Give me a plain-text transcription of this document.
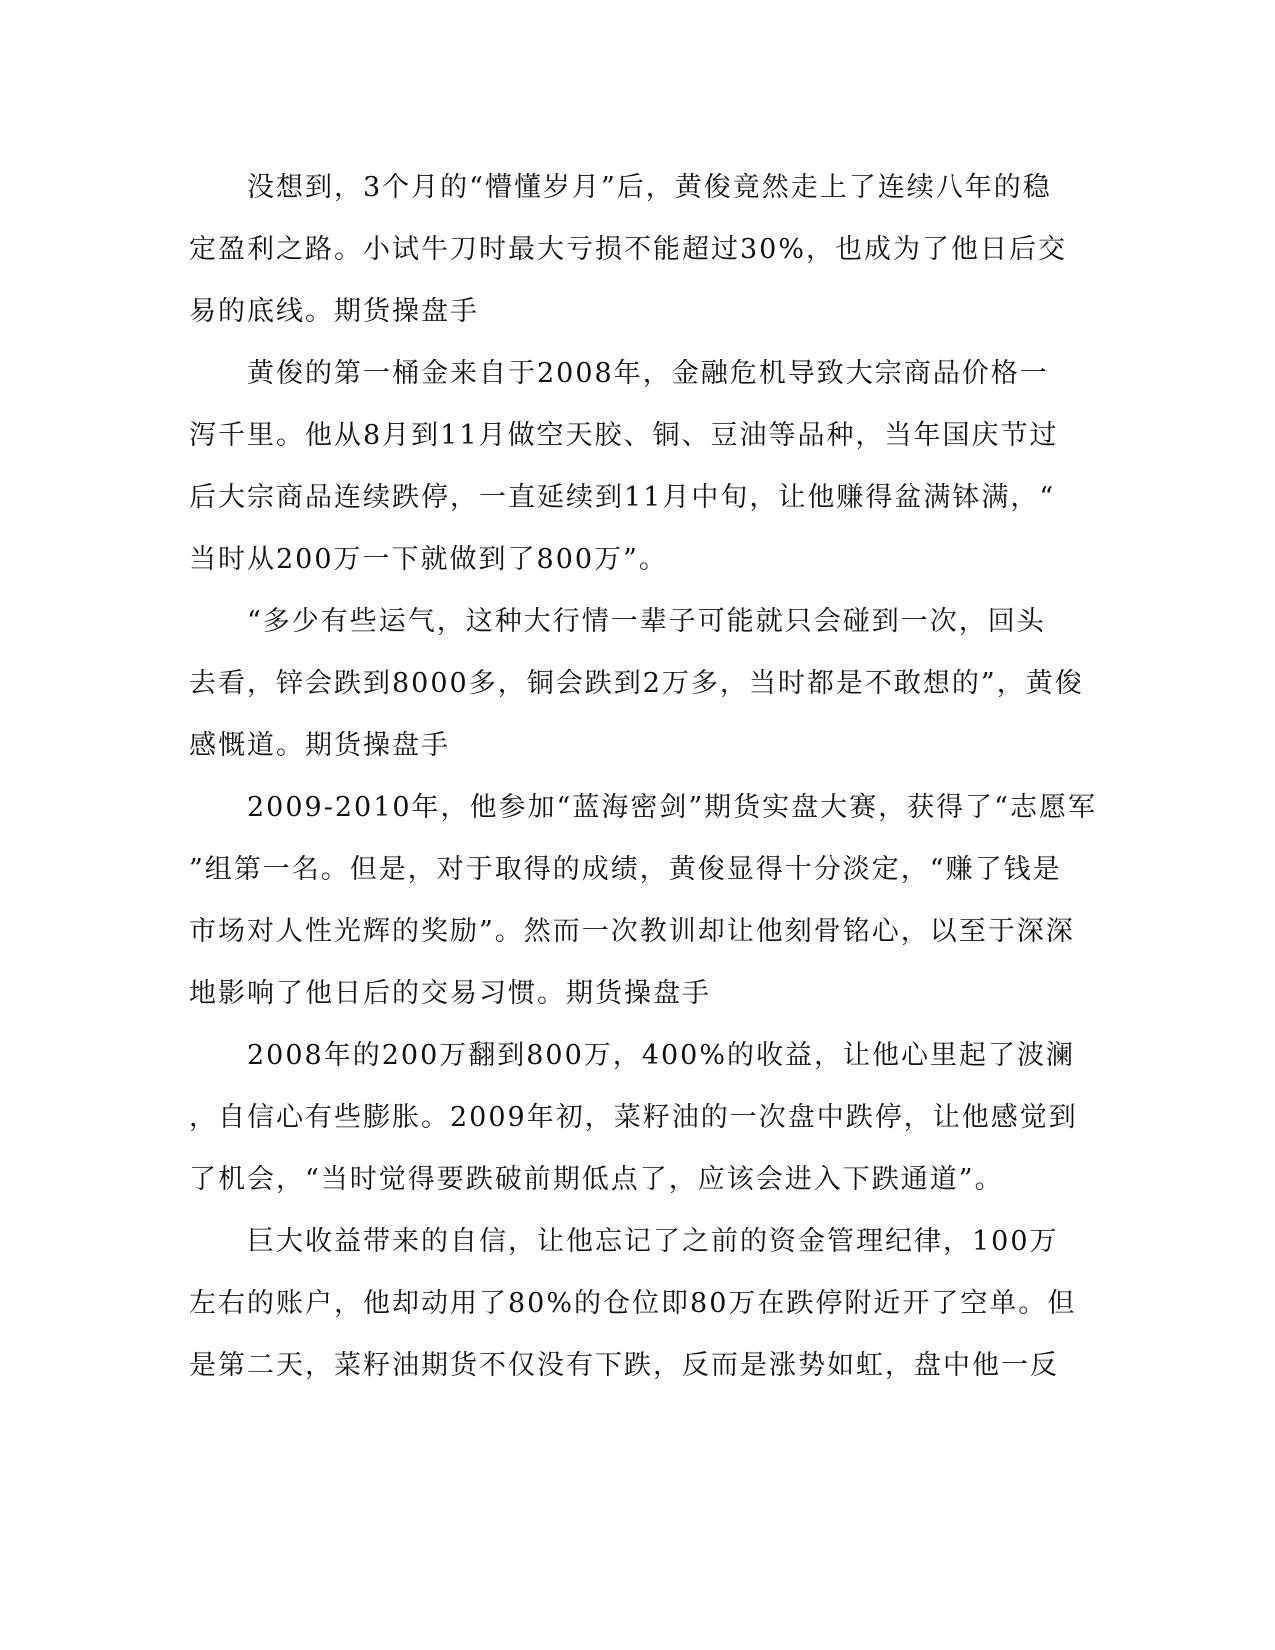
　　没想到，3个月的“懵懂岁月”后，黄俊竟然走上了连续八年的稳
定盈利之路。小试牛刀时最大亏损不能超过30%，也成为了他日后交
易的底线。期货操盘手
　　黄俊的第一桶金来自于2008年，金融危机导致大宗商品价格一
泻千里。他从8月到11月做空天胶、铜、豆油等品种，当年国庆节过
后大宗商品连续跌停，一直延续到11月中旬，让他赚得盆满钵满，“
当时从200万一下就做到了800万”。
　　“多少有些运气，这种大行情一辈子可能就只会碰到一次，回头
去看，锌会跌到8000多，铜会跌到2万多，当时都是不敢想的”，黄俊
感慨道。期货操盘手
　　2009-2010年，他参加“蓝海密剑”期货实盘大赛，获得了“志愿军
”组第一名。但是，对于取得的成绩，黄俊显得十分淡定，“赚了钱是
市场对人性光辉的奖励”。然而一次教训却让他刻骨铭心，以至于深深
地影响了他日后的交易习惯。期货操盘手
　　2008年的200万翻到800万，400%的收益，让他心里起了波澜
，自信心有些膨胀。2009年初，菜籽油的一次盘中跌停，让他感觉到
了机会，“当时觉得要跌破前期低点了，应该会进入下跌通道”。
　　巨大收益带来的自信，让他忘记了之前的资金管理纪律，100万
左右的账户，他却动用了80%的仓位即80万在跌停附近开了空单。但
是第二天，菜籽油期货不仅没有下跌，反而是涨势如虹，盘中他一反
